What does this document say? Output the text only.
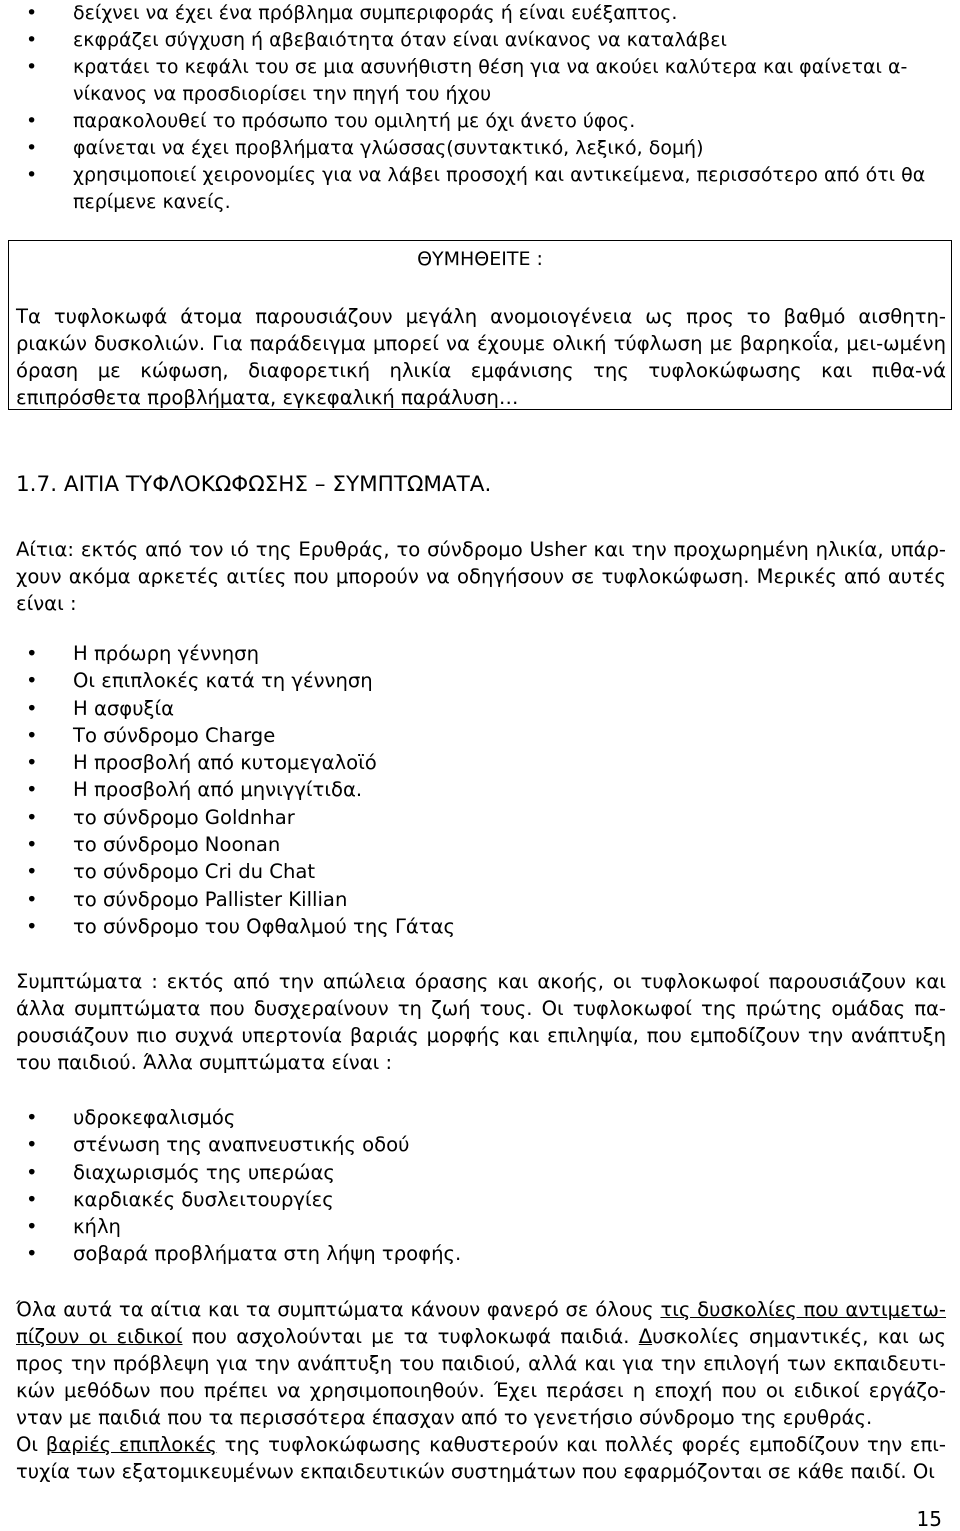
• δείχνει να έχει ένα πρόβλημα συμπεριφοράς ή είναι ευέξαπτος.
• εκφράζει σύγχυση ή αβεβαιότητα όταν είναι ανίκανος να καταλάβει
• κρατάει το κεφάλι του σε μια ασυνήθιστη θέση για να ακούει καλύτερα και φαίνεται α-νίκανος να προσδιορίσει την πηγή του ήχου
• παρακολουθεί το πρόσωπο του ομιλητή με όχι άνετο ύφος.
• φαίνεται να έχει προβλήματα γλώσσας(συντακτικό, λεξικό, δομή)
• χρησιμοποιεί χειρονομίες για να λάβει προσοχή και αντικείμενα, περισσότερο από ότι θα περίμενε κανείς.
ΘΥΜΗΘΕΙΤΕ :
Τα τυφλοκωφά άτομα παρουσιάζουν μεγάλη ανομοιογένεια ως προς το βαθμό αισθητη-ριακών δυσκολιών. Για παράδειγμα μπορεί να έχουμε ολική τύφλωση με βαρηκοΐα, μει-ωμένη όραση με κώφωση, διαφορετική ηλικία εμφάνισης της τυφλοκώφωσης και πιθα-νά επιπρόσθετα προβλήματα, εγκεφαλική παράλυση…
1.7. ΑΙΤΙΑ ΤΥΦΛΟΚΩΦΩΣΗΣ – ΣΥΜΠΤΩΜΑΤΑ.
Αίτια: εκτός από τον ιό της Ερυθράς, το σύνδρομο Usher και την προχωρημένη ηλικία, υπάρ-χουν ακόμα αρκετές αιτίες που μπορούν να οδηγήσουν σε τυφλοκώφωση. Μερικές από αυτές είναι :
• Η πρόωρη γέννηση
• Οι επιπλοκές κατά τη γέννηση
• Η ασφυξία
• Το σύνδρομο Charge
• Η προσβολή από κυτομεγαλοϊό
• Η προσβολή από μηνιγγίτιδα.
• το σύνδρομο Goldnhar
• το σύνδρομο Noonan
• το σύνδρομο Cri du Chat
• το σύνδρομο Pallister Killian
• το σύνδρομο του Οφθαλμού της Γάτας
Συμπτώματα : εκτός από την απώλεια όρασης και ακοής, οι τυφλοκωφοί παρουσιάζουν και άλλα συμπτώματα που δυσχεραίνουν τη ζωή τους. Οι τυφλοκωφοί της πρώτης ομάδας πα-ρουσιάζουν πιο συχνά υπερτονία βαριάς μορφής και επιληψία, που εμποδίζουν την ανάπτυξη του παιδιού. Άλλα συμπτώματα είναι :
• υδροκεφαλισμός
• στένωση της αναπνευστικής οδού
• διαχωρισμός της υπερώας
• καρδιακές δυσλειτουργίες
• κήλη
• σοβαρά προβλήματα στη λήψη τροφής.
Όλα αυτά τα αίτια και τα συμπτώματα κάνουν φανερό σε όλους τις δυσκολίες που αντιμετω-πίζουν οι ειδικοί που ασχολούνται με τα τυφλοκωφά παιδιά. Δυσκολίες σημαντικές, και ως προς την πρόβλεψη για την ανάπτυξη του παιδιού, αλλά και για την επιλογή των εκπαιδευτι-κών μεθόδων που πρέπει να χρησιμοποιηθούν. Έχει περάσει η εποχή που οι ειδικοί εργάζο-νταν με παιδιά που τα περισσότερα έπασχαν από το γενετήσιο σύνδρομο της ερυθράς.
Οι βαρiές επιπλοκές της τυφλοκώφωσης καθυστερούν και πολλές φορές εμποδίζουν την επι-τυχία των εξατομικευμένων εκπαιδευτικών συστημάτων που εφαρμόζονται σε κάθε παιδί. Οι
15
